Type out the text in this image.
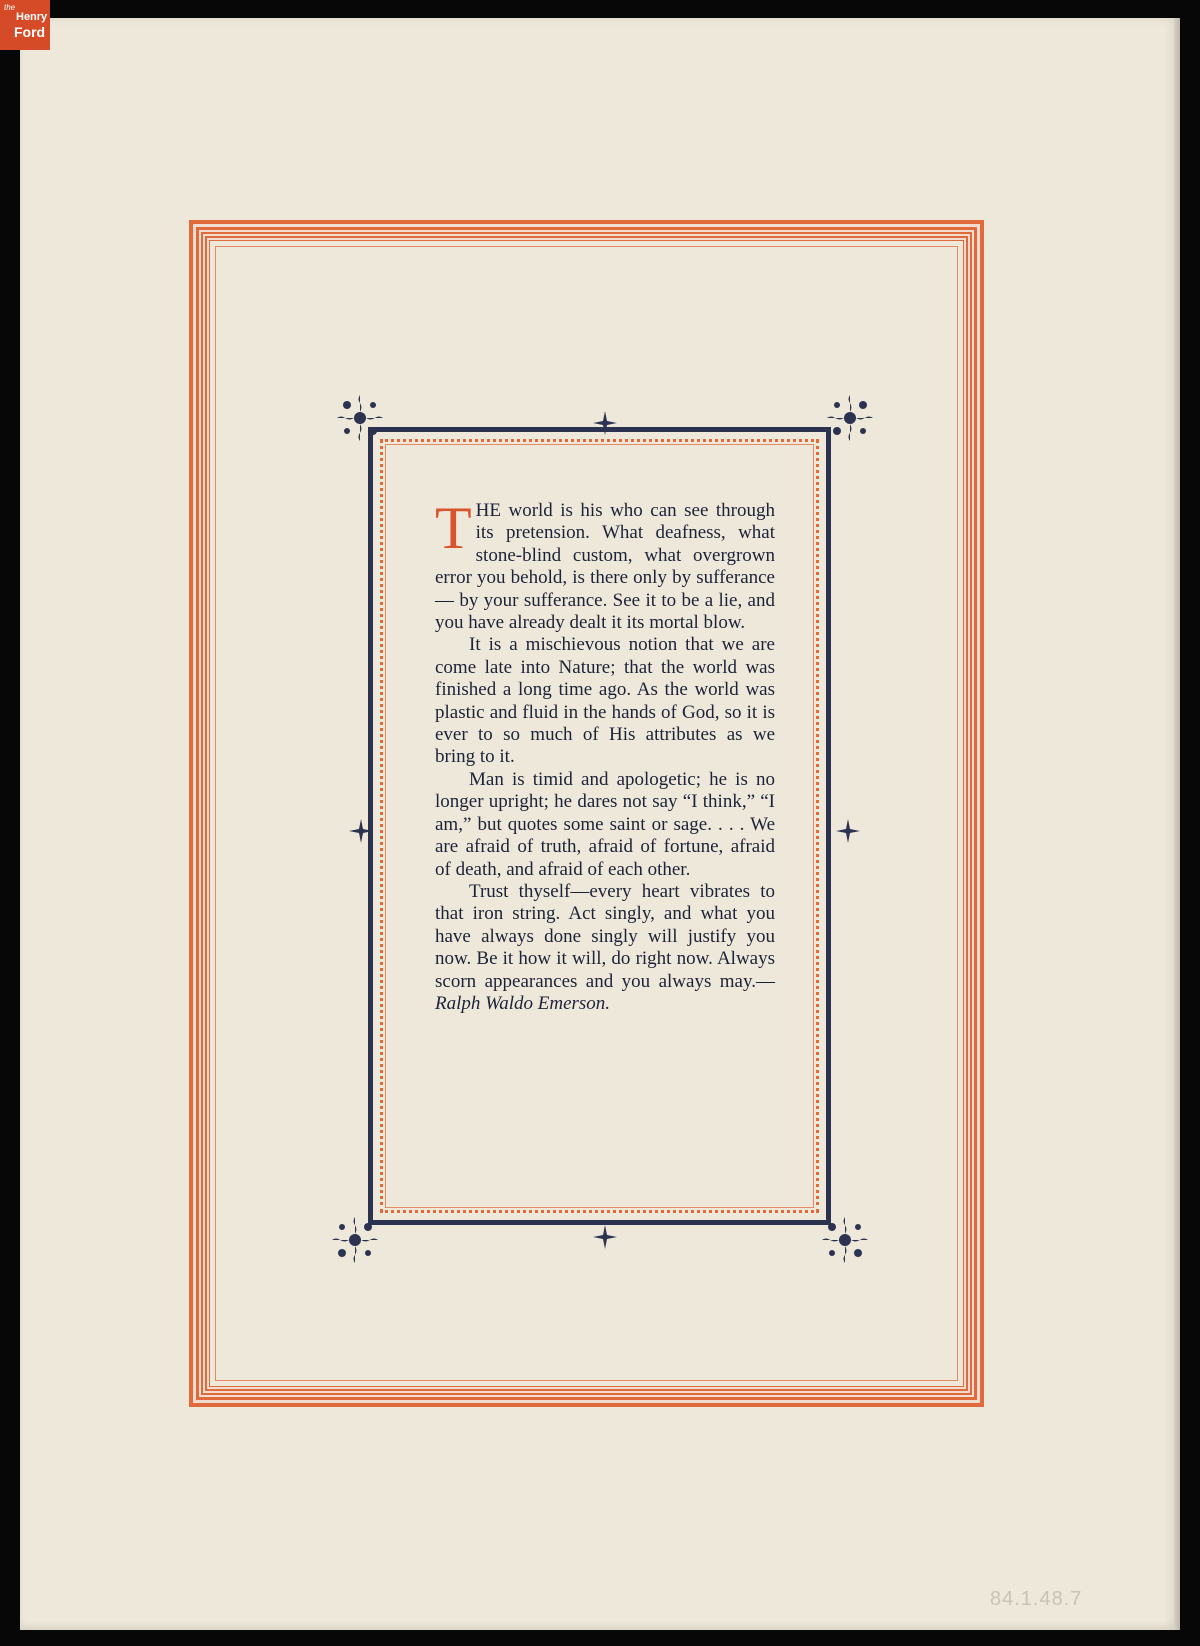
the
Henry
Ford

THE world is his who can see through its pretension. What deafness, what stone-blind custom, what overgrown error you behold, is there only by sufferance— by your sufferance. See it to be a lie, and you have already dealt it its mortal blow.

It is a mischievous notion that we are come late into Nature; that the world was finished a long time ago. As the world was plastic and fluid in the hands of God, so it is ever to so much of His attributes as we bring to it.

Man is timid and apologetic; he is no longer upright; he dares not say “I think,” “I am,” but quotes some saint or sage. . . . We are afraid of truth, afraid of fortune, afraid of death, and afraid of each other.

Trust thyself—every heart vibrates to that iron string. Act singly, and what you have always done singly will justify you now. Be it how it will, do right now. Always scorn appearances and you always may.—Ralph Waldo Emerson.

84.1.48.7
